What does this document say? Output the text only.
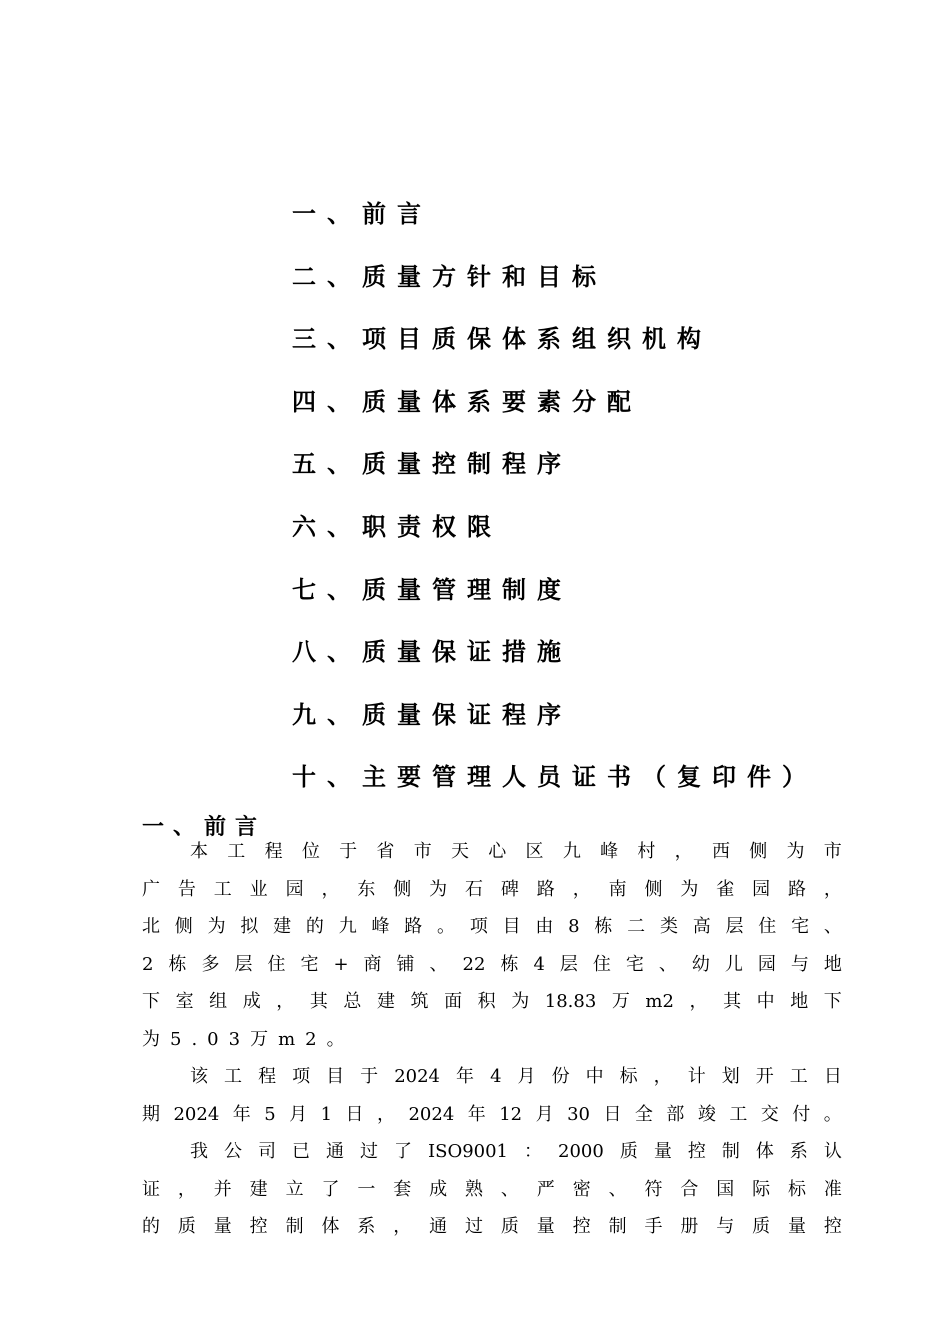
一、前言
二、质量方针和目标
三、项目质保体系组织机构
四、质量体系要素分配
五、质量控制程序
六、职责权限
七、质量管理制度
八、质量保证措施
九、质量保证程序
十、主要管理人员证书（复印件）
一、前言
本 工 程 位 于 省 市 天 心 区 九 峰 村 ， 西 侧 为 市
广 告 工 业 园 ， 东 侧 为 石 碑 路 ， 南 侧 为 雀 园 路 ，
北 侧 为 拟 建 的 九 峰 路 。 项 目 由 8 栋 二 类 高 层 住 宅 、
2 栋 多 层 住 宅 + 商 铺 、 22 栋 4 层 住 宅 、 幼 儿 园 与 地
下 室 组 成 ， 其 总 建 筑 面 积 为 18.83 万 m2 ， 其 中 地 下
为5.03万m2。
该 工 程 项 目 于 2024 年 4 月 份 中 标 ， 计 划 开 工 日
期 2024 年 5 月 1 日 ， 2024 年 12 月 30 日 全 部 竣 工 交 付 。
我 公 司 已 通 过 了 ISO9001 ： 2000 质 量 控 制 体 系 认
证 ， 并 建 立 了 一 套 成 熟 、 严 密 、 符 合 国 际 标 准
的 质 量 控 制 体 系 ， 通 过 质 量 控 制 手 册 与 质 量 控
